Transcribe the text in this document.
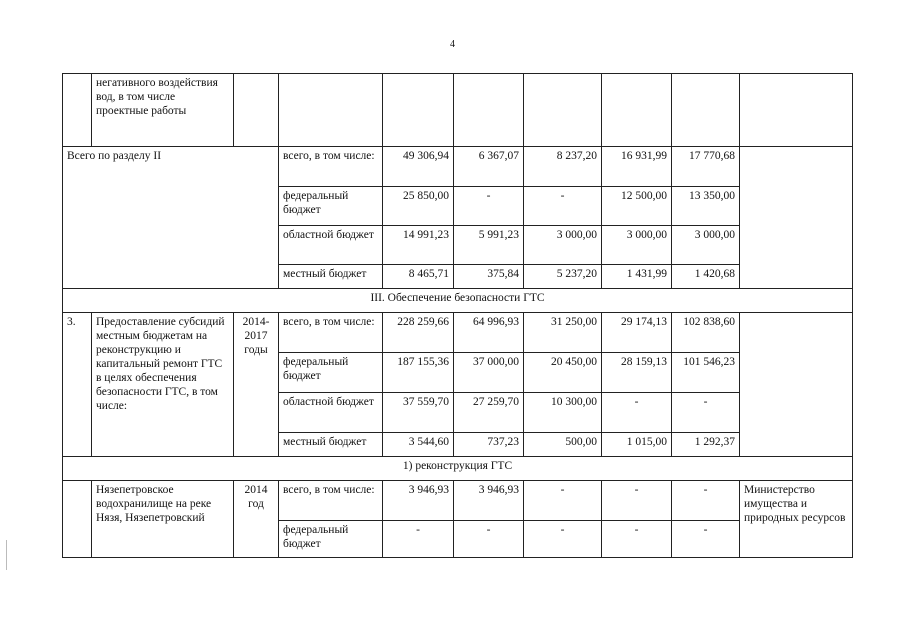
4
	негативного воздействия вод, в том числе проектные работы								
Всего по разделу II			всего, в том числе:	49 306,94	6 367,07	8 237,20	16 931,99	17 770,68	
			федеральный бюджет	25 850,00	-	-	12 500,00	13 350,00	
			областной бюджет	14 991,23	5 991,23	3 000,00	3 000,00	3 000,00	
			местный бюджет	8 465,71	375,84	5 237,20	1 431,99	1 420,68	
III. Обеспечение безопасности ГТС									
3.	Предоставление субсидий местным бюджетам на реконструкцию и капитальный ремонт ГТС в целях обеспечения безопасности ГТС, в том числе:	2014-2017 годы	всего, в том числе:	228 259,66	64 996,93	31 250,00	29 174,13	102 838,60	
			федеральный бюджет	187 155,36	37 000,00	20 450,00	28 159,13	101 546,23	
			областной бюджет	37 559,70	27 259,70	10 300,00	-	-	
			местный бюджет	3 544,60	737,23	500,00	1 015,00	1 292,37	
1) реконструкция ГТС									
	Нязепетровское водохранилище на реке Нязя, Нязепетровский	2014 год	всего, в том числе:	3 946,93	3 946,93	-	-	-	Министерство имущества и природных ресурсов
			федеральный бюджет	-	-	-	-	-	
